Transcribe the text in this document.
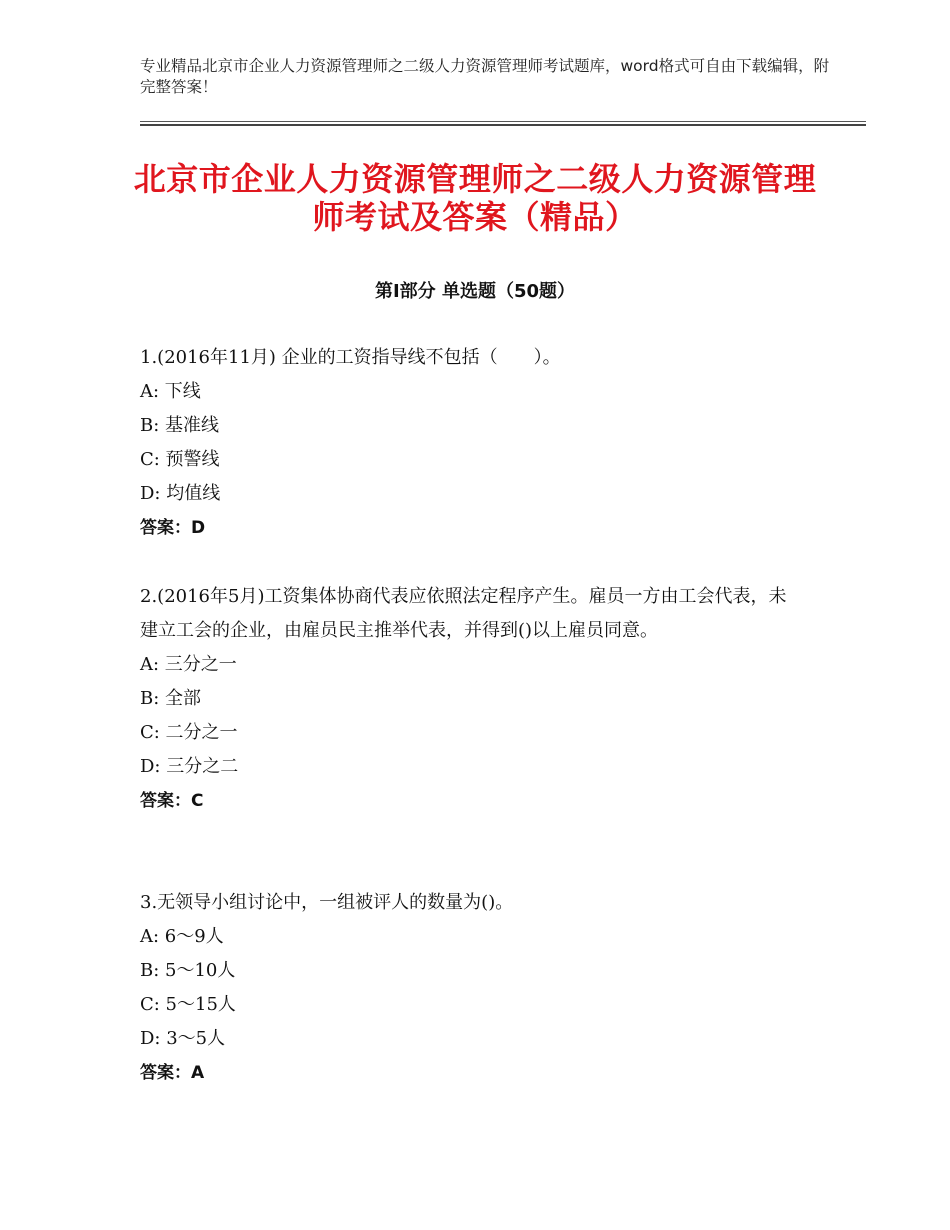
专业精品北京市企业人力资源管理师之二级人力资源管理师考试题库，word格式可自由下载编辑，附完整答案！
北京市企业人力资源管理师之二级人力资源管理师考试及答案（精品）
第Ⅰ部分 单选题（50题）

1.(2016年11月) 企业的工资指导线不包括（　　）。

A: 下线

B: 基准线

C: 预警线

D: 均值线

答案：D

2.(2016年5月)工资集体协商代表应依照法定程序产生。雇员一方由工会代表，未建立工会的企业，由雇员民主推举代表，并得到()以上雇员同意。

A: 三分之一

B: 全部

C: 二分之一

D: 三分之二

答案：C

3.无领导小组讨论中，一组被评人的数量为()。

A: 6～9人

B: 5～10人

C: 5～15人

D: 3～5人

答案：A
